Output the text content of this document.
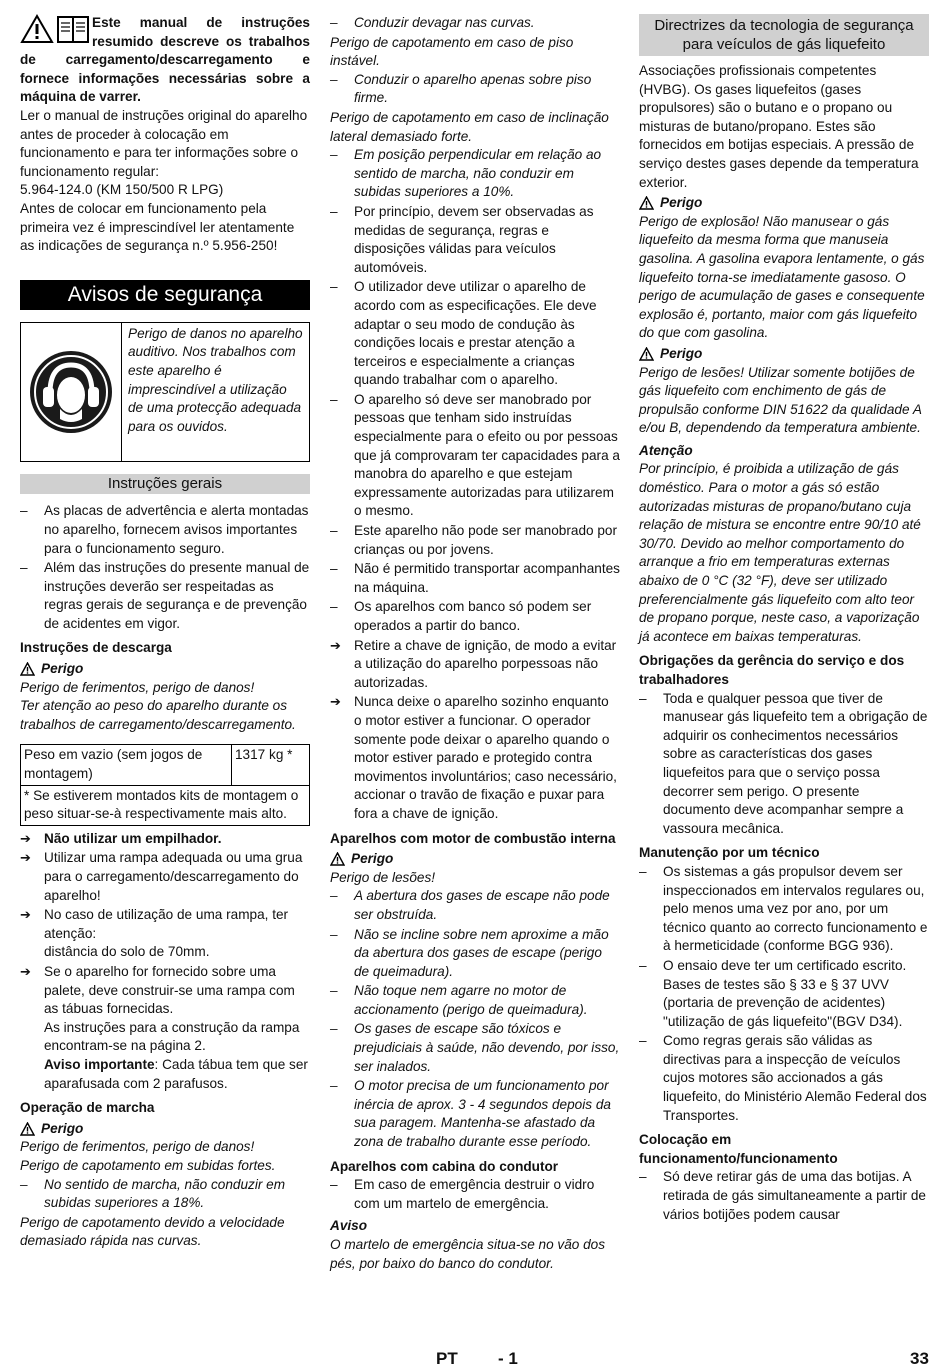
Este manual de instruções resumido descreve os trabalhos de carregamento/descarregamento e fornece informações necessárias sobre a máquina de varrer.

Ler o manual de instruções original do aparelho antes de proceder à colocação em funcionamento e para ter informações sobre o funcionamento regular:

5.964-124.0 (KM 150/500 R LPG)

Antes de colocar em funcionamento pela primeira vez é imprescindível ler atentamente as indicações de segurança n.º 5.956-250!

Avisos de segurança
Perigo de danos no aparelho auditivo. Nos trabalhos com este aparelho é imprescindível a utilização de uma protecção adequada para os ouvidos.
Instruções gerais
– As placas de advertência e alerta montadas no aparelho, fornecem avisos importantes para o funcionamento seguro.
– Além das instruções do presente manual de instruções deverão ser respeitadas as regras gerais de segurança e de prevenção de acidentes em vigor.

Instruções de descarga

Perigo

Perigo de ferimentos, perigo de danos!

Ter atenção ao peso do aparelho durante os trabalhos de carregamento/descarregamento.

Peso em vazio (sem jogos de montagem)	1317 kg *
* Se estiverem montados kits de montagem o peso situar-se-à respectivamente mais alto.
➔ Não utilizar um empilhador.
➔ Utilizar uma rampa adequada ou uma grua para o carregamento/descarregamento do aparelho!
➔ No caso de utilização de uma rampa, ter atenção:
distância do solo de 70mm.
➔ Se o aparelho for fornecido sobre uma palete, deve construir-se uma rampa com as tábuas fornecidas.
As instruções para a construção da rampa encontram-se na página 2.
Aviso importante: Cada tábua tem que ser aparafusada com 2 parafusos.

Operação de marcha

Perigo

Perigo de ferimentos, perigo de danos!

Perigo de capotamento em subidas fortes.

– No sentido de marcha, não conduzir em subidas superiores a 18%.

Perigo de capotamento devido a velocidade demasiado rápida nas curvas.

– Conduzir devagar nas curvas.

Perigo de capotamento em caso de piso instável.

– Conduzir o aparelho apenas sobre piso firme.

Perigo de capotamento em caso de inclinação lateral demasiado forte.

– Em posição perpendicular em relação ao sentido de marcha, não conduzir em subidas superiores a 10%.
– Por princípio, devem ser observadas as medidas de segurança, regras e disposições válidas para veículos automóveis.
– O utilizador deve utilizar o aparelho de acordo com as especificações. Ele deve adaptar o seu modo de condução às condições locais e prestar atenção a terceiros e especialmente a crianças quando trabalhar com o aparelho.
– O aparelho só deve ser manobrado por pessoas que tenham sido instruídas especialmente para o efeito ou por pessoas que já comprovaram ter capacidades para a manobra do aparelho e que estejam expressamente autorizadas para utilizarem o mesmo.
– Este aparelho não pode ser manobrado por crianças ou por jovens.
– Não é permitido transportar acompanhantes na máquina.
– Os aparelhos com banco só podem ser operados a partir do banco.
➔ Retire a chave de ignição, de modo a evitar a utilização do aparelho porpessoas não autorizadas.
➔ Nunca deixe o aparelho sozinho enquanto o motor estiver a funcionar. O operador somente pode deixar o aparelho quando o motor estiver parado e protegido contra movimentos involuntários; caso necessário, accionar o travão de fixação e puxar para fora a chave de ignição.

Aparelhos com motor de combustão interna

Perigo

Perigo de lesões!

– A abertura dos gases de escape não pode ser obstruída.
– Não se incline sobre nem aproxime a mão da abertura dos gases de escape (perigo de queimadura).
– Não toque nem agarre no motor de accionamento (perigo de queimadura).
– Os gases de escape são tóxicos e prejudiciais à saúde, não devendo, por isso, ser inalados.
– O motor precisa de um funcionamento por inércia de aprox. 3 - 4 segundos depois da sua paragem. Mantenha-se afastado da zona de trabalho durante esse período.

Aparelhos com cabina do condutor

– Em caso de emergência destruir o vidro com um martelo de emergência.

Aviso

O martelo de emergência situa-se no vão dos pés, por baixo do banco do condutor.

Directrizes da tecnologia de segurança para veículos de gás liquefeito

Associações profissionais competentes (HVBG). Os gases liquefeitos (gases propulsores) são o butano e o propano ou misturas de butano/propano. Estes são fornecidos em botijas especiais. A pressão de serviço destes gases depende da temperatura exterior.

Perigo

Perigo de explosão! Não manusear o gás liquefeito da mesma forma que manuseia gasolina. A gasolina evapora lentamente, o gás liquefeito torna-se imediatamente gasoso. O perigo de acumulação de gases e consequente explosão é, portanto, maior com gás liquefeito do que com gasolina.

Perigo

Perigo de lesões! Utilizar somente botijões de gás liquefeito com enchimento de gás de propulsão conforme DIN 51622 da qualidade A e/ou B, dependendo da temperatura ambiente.

Atenção

Por princípio, é proibida a utilização de gás doméstico. Para o motor a gás só estão autorizadas misturas de propano/butano cuja relação de mistura se encontre entre 90/10 até 30/70. Devido ao melhor comportamento do arranque a frio em temperaturas externas abaixo de 0 °C (32 °F), deve ser utilizado preferencialmente gás liquefeito com alto teor de propano porque, neste caso, a vaporização já acontece em baixas temperaturas.

Obrigações da gerência do serviço e dos trabalhadores

– Toda e qualquer pessoa que tiver de manusear gás liquefeito tem a obrigação de adquirir os conhecimentos necessários sobre as características dos gases liquefeitos para que o serviço possa decorrer sem perigo. O presente documento deve acompanhar sempre a vassoura mecânica.

Manutenção por um técnico

– Os sistemas a gás propulsor devem ser inspeccionados em intervalos regulares ou, pelo menos uma vez por ano, por um técnico quanto ao correcto funcionamento e à hermeticidade (conforme BGG 936).
– O ensaio deve ter um certificado escrito. Bases de testes são § 33 e § 37 UVV (portaria de prevenção de acidentes) "utilização de gás liquefeito"(BGV D34).
– Como regras gerais são válidas as directivas para a inspecção de veículos cujos motores são accionados a gás liquefeito, do Ministério Alemão Federal dos Transportes.

Colocação em funcionamento/funcionamento

– Só deve retirar gás de uma das botijas. A retirada de gás simultaneamente a partir de vários botijões podem causar
PT - 1	33
